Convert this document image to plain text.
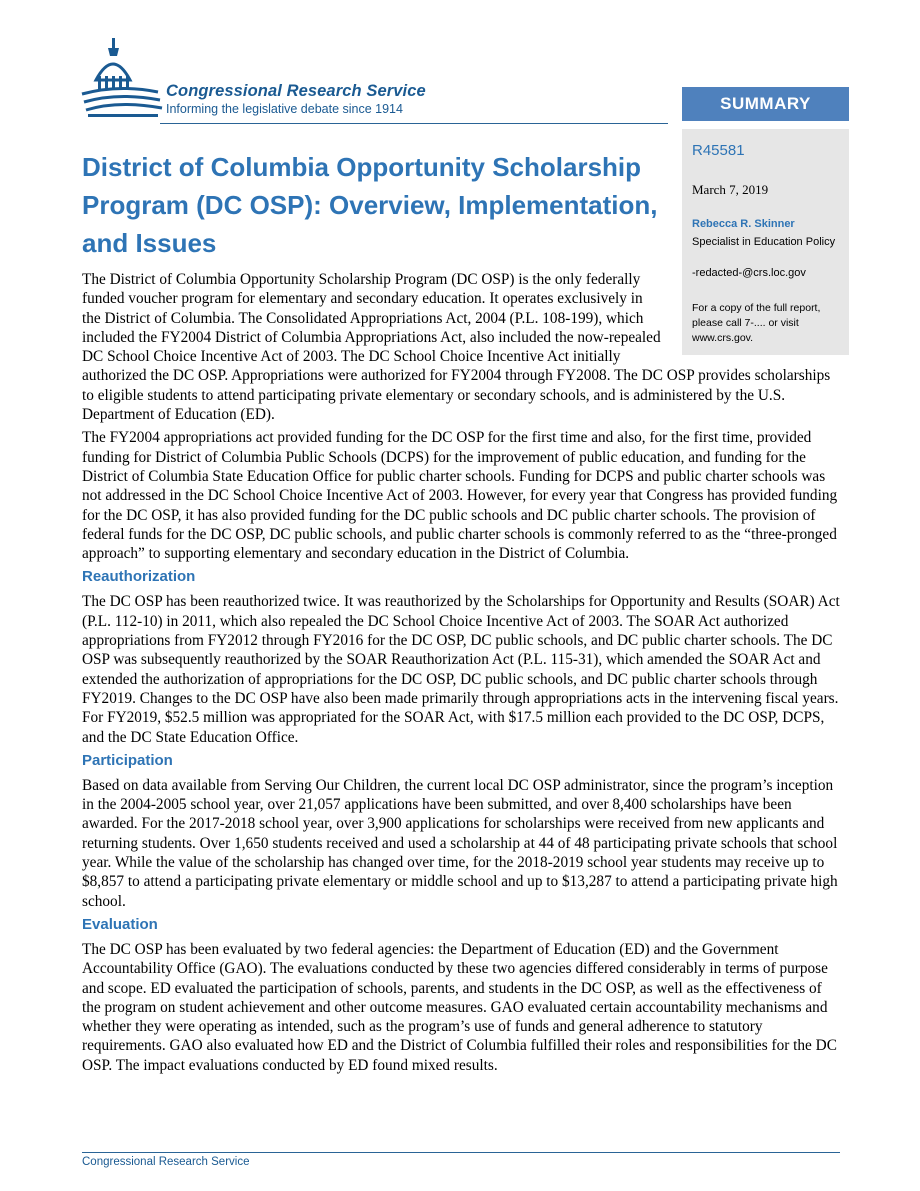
Congressional Research Service
Informing the legislative debate since 1914	SUMMARY
R45581
March 7, 2019
Rebecca R. Skinner
Specialist in Education Policy
-redacted-@crs.loc.gov
For a copy of the full report, please call 7-.... or visit www.crs.gov.
District of Columbia Opportunity Scholarship Program (DC OSP): Overview, Implementation, and Issues

The District of Columbia Opportunity Scholarship Program (DC OSP) is the only federally funded voucher program for elementary and secondary education. It operates exclusively in the District of Columbia. The Consolidated Appropriations Act, 2004 (P.L. 108-199), which included the FY2004 District of Columbia Appropriations Act, also included the now-repealed DC School Choice Incentive Act of 2003. The DC School Choice Incentive Act initially authorized the DC OSP. Appropriations were authorized for FY2004 through FY2008. The DC OSP provides scholarships to eligible students to attend participating private elementary or secondary schools, and is administered by the U.S. Department of Education (ED).

The FY2004 appropriations act provided funding for the DC OSP for the first time and also, for the first time, provided funding for District of Columbia Public Schools (DCPS) for the improvement of public education, and funding for the District of Columbia State Education Office for public charter schools. Funding for DCPS and public charter schools was not addressed in the DC School Choice Incentive Act of 2003. However, for every year that Congress has provided funding for the DC OSP, it has also provided funding for the DC public schools and DC public charter schools. The provision of federal funds for the DC OSP, DC public schools, and public charter schools is commonly referred to as the “three-pronged approach” to supporting elementary and secondary education in the District of Columbia.

Reauthorization

The DC OSP has been reauthorized twice. It was reauthorized by the Scholarships for Opportunity and Results (SOAR) Act (P.L. 112-10) in 2011, which also repealed the DC School Choice Incentive Act of 2003. The SOAR Act authorized appropriations from FY2012 through FY2016 for the DC OSP, DC public schools, and DC public charter schools. The DC OSP was subsequently reauthorized by the SOAR Reauthorization Act (P.L. 115-31), which amended the SOAR Act and extended the authorization of appropriations for the DC OSP, DC public schools, and DC public charter schools through FY2019. Changes to the DC OSP have also been made primarily through appropriations acts in the intervening fiscal years. For FY2019, $52.5 million was appropriated for the SOAR Act, with $17.5 million each provided to the DC OSP, DCPS, and the DC State Education Office.

Participation

Based on data available from Serving Our Children, the current local DC OSP administrator, since the program’s inception in the 2004-2005 school year, over 21,057 applications have been submitted, and over 8,400 scholarships have been awarded. For the 2017-2018 school year, over 3,900 applications for scholarships were received from new applicants and returning students. Over 1,650 students received and used a scholarship at 44 of 48 participating private schools that school year. While the value of the scholarship has changed over time, for the 2018-2019 school year students may receive up to $8,857 to attend a participating private elementary or middle school and up to $13,287 to attend a participating private high school.

Evaluation

The DC OSP has been evaluated by two federal agencies: the Department of Education (ED) and the Government Accountability Office (GAO). The evaluations conducted by these two agencies differed considerably in terms of purpose and scope. ED evaluated the participation of schools, parents, and students in the DC OSP, as well as the effectiveness of the program on student achievement and other outcome measures. GAO evaluated certain accountability mechanisms and whether they were operating as intended, such as the program’s use of funds and general adherence to statutory requirements. GAO also evaluated how ED and the District of Columbia fulfilled their roles and responsibilities for the DC OSP. The impact evaluations conducted by ED found mixed results.

Congressional Research Service
